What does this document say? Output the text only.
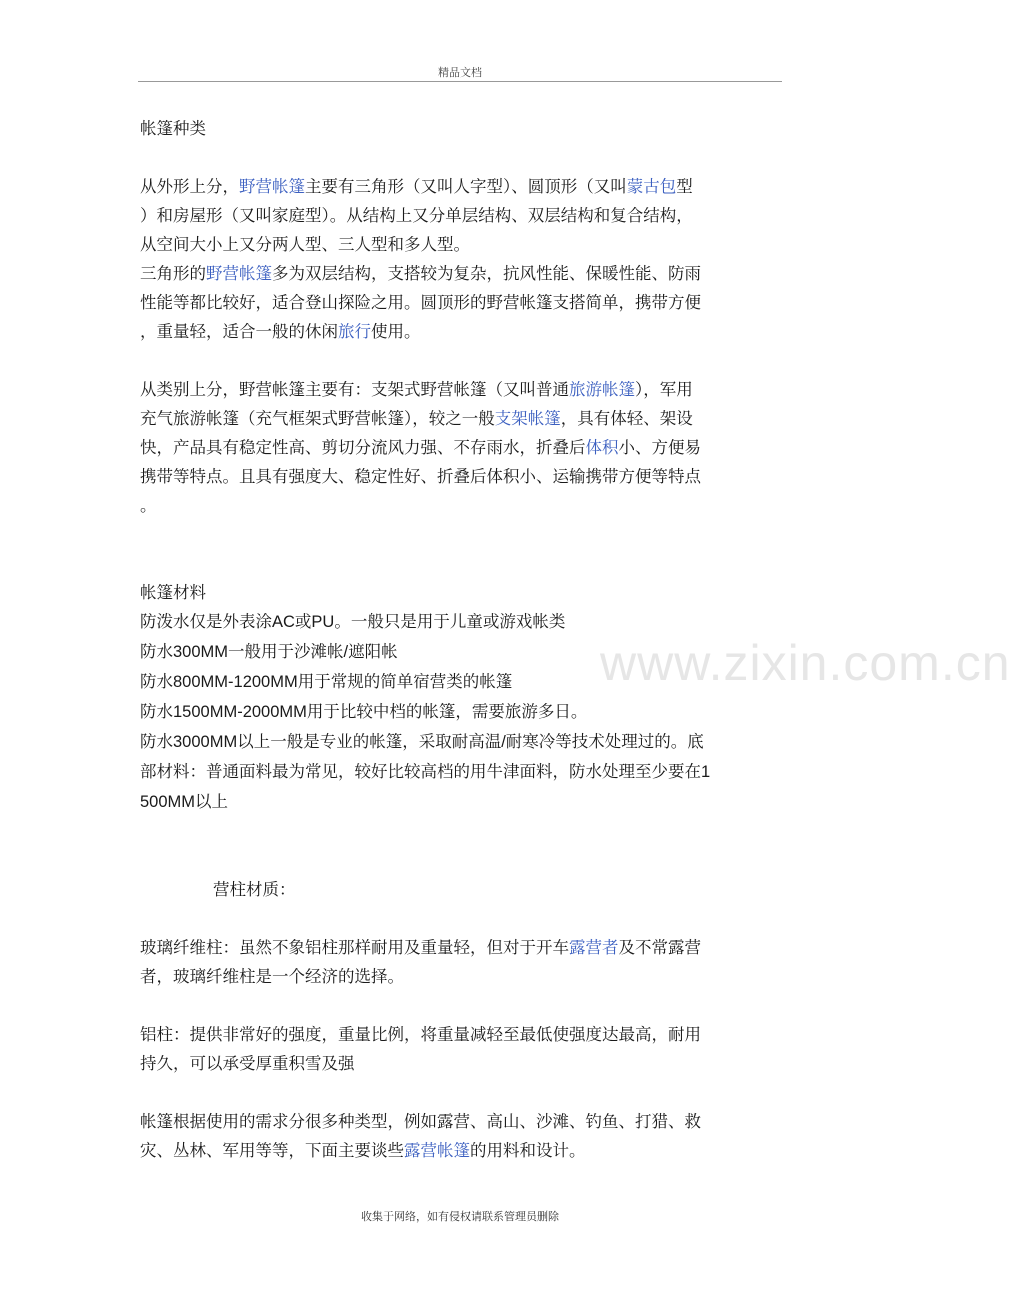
精品文档
www.zixin.com.cn

帐篷种类

从外形上分，野营帐篷主要有三角形（又叫人字型）、圆顶形（又叫蒙古包型

）和房屋形（又叫家庭型）。从结构上又分单层结构、双层结构和复合结构，

从空间大小上又分两人型、三人型和多人型。

三角形的野营帐篷多为双层结构，支搭较为复杂，抗风性能、保暖性能、防雨

性能等都比较好，适合登山探险之用。圆顶形的野营帐篷支搭简单，携带方便

，重量轻，适合一般的休闲旅行使用。

从类别上分，野营帐篷主要有：支架式野营帐篷（又叫普通旅游帐篷），军用

充气旅游帐篷（充气框架式野营帐篷），较之一般支架帐篷，具有体轻、架设

快，产品具有稳定性高、剪切分流风力强、不存雨水，折叠后体积小、方便易

携带等特点。且具有强度大、稳定性好、折叠后体积小、运输携带方便等特点

。

帐篷材料

防泼水仅是外表涂AC或PU。一般只是用于儿童或游戏帐类

防水300MM一般用于沙滩帐/遮阳帐

防水800MM-1200MM用于常规的简单宿营类的帐篷

防水1500MM-2000MM用于比较中档的帐篷，需要旅游多日。

防水3000MM以上一般是专业的帐篷，采取耐高温/耐寒冷等技术处理过的。底

部材料：普通面料最为常见，较好比较高档的用牛津面料，防水处理至少要在1

500MM以上

营柱材质：

玻璃纤维柱：虽然不象铝柱那样耐用及重量轻，但对于开车露营者及不常露营

者，玻璃纤维柱是一个经济的选择。

铝柱：提供非常好的强度，重量比例，将重量减轻至最低使强度达最高，耐用

持久，可以承受厚重积雪及强

帐篷根据使用的需求分很多种类型，例如露营、高山、沙滩、钓鱼、打猎、救

灾、丛林、军用等等，下面主要谈些露营帐篷的用料和设计。

收集于网络，如有侵权请联系管理员删除
